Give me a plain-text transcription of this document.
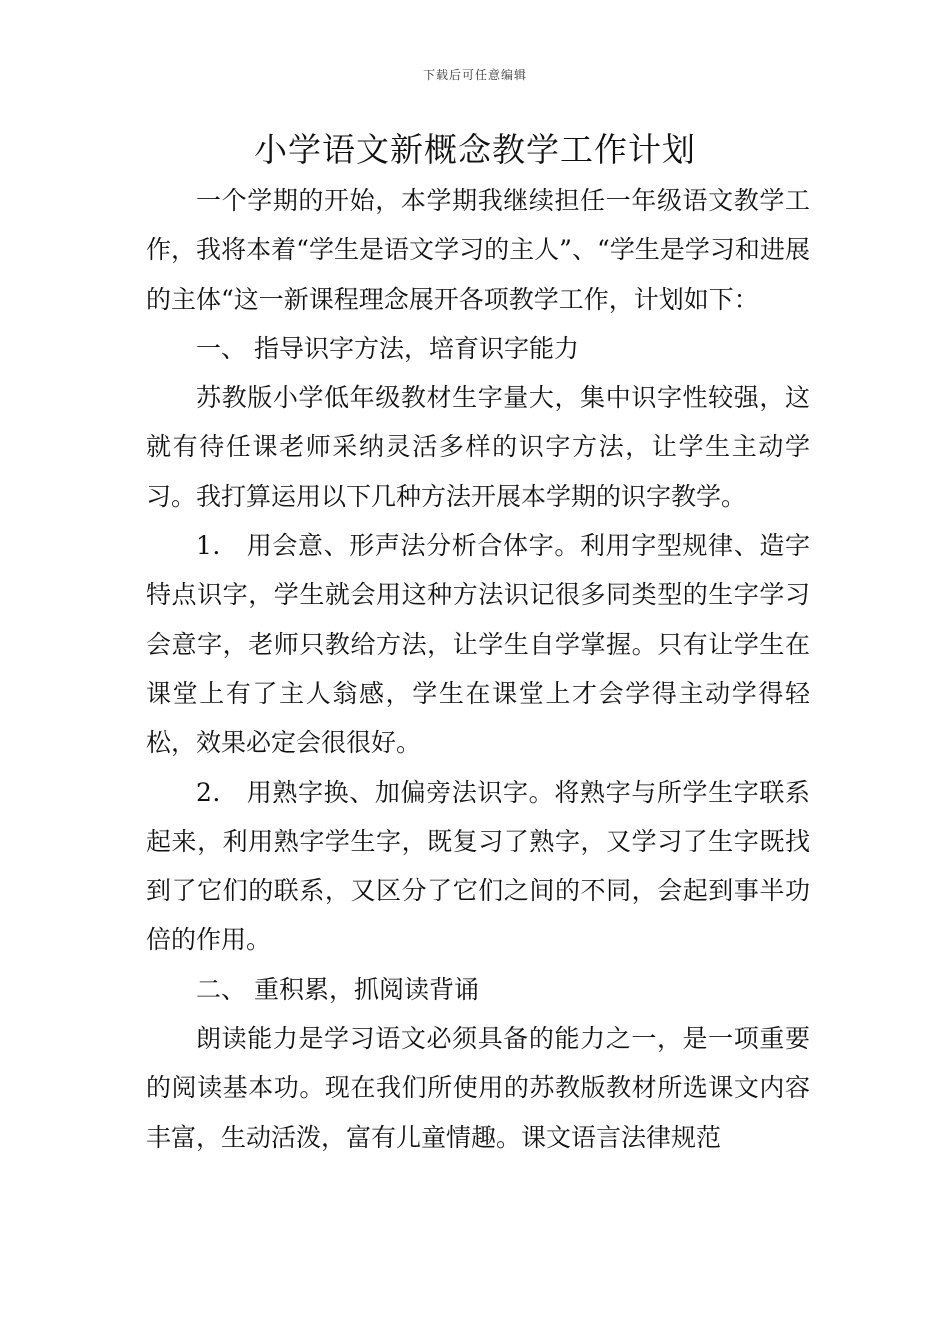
下载后可任意编辑
小学语文新概念教学工作计划

一个学期的开始，本学期我继续担任一年级语文教学工作，我将本着“学生是语文学习的主人”、“学生是学习和进展的主体“这一新课程理念展开各项教学工作，计划如下：

一、 指导识字方法，培育识字能力

苏教版小学低年级教材生字量大，集中识字性较强，这就有待任课老师采纳灵活多样的识字方法，让学生主动学习。我打算运用以下几种方法开展本学期的识字教学。

1． 用会意、形声法分析合体字。利用字型规律、造字特点识字，学生就会用这种方法识记很多同类型的生字学习会意字，老师只教给方法，让学生自学掌握。只有让学生在课堂上有了主人翁感，学生在课堂上才会学得主动学得轻松，效果必定会很很好。

2． 用熟字换、加偏旁法识字。将熟字与所学生字联系起来，利用熟字学生字，既复习了熟字，又学习了生字既找到了它们的联系，又区分了它们之间的不同，会起到事半功倍的作用。

二、 重积累，抓阅读背诵

朗读能力是学习语文必须具备的能力之一，是一项重要的阅读基本功。现在我们所使用的苏教版教材所选课文内容丰富，生动活泼，富有儿童情趣。课文语言法律规范
